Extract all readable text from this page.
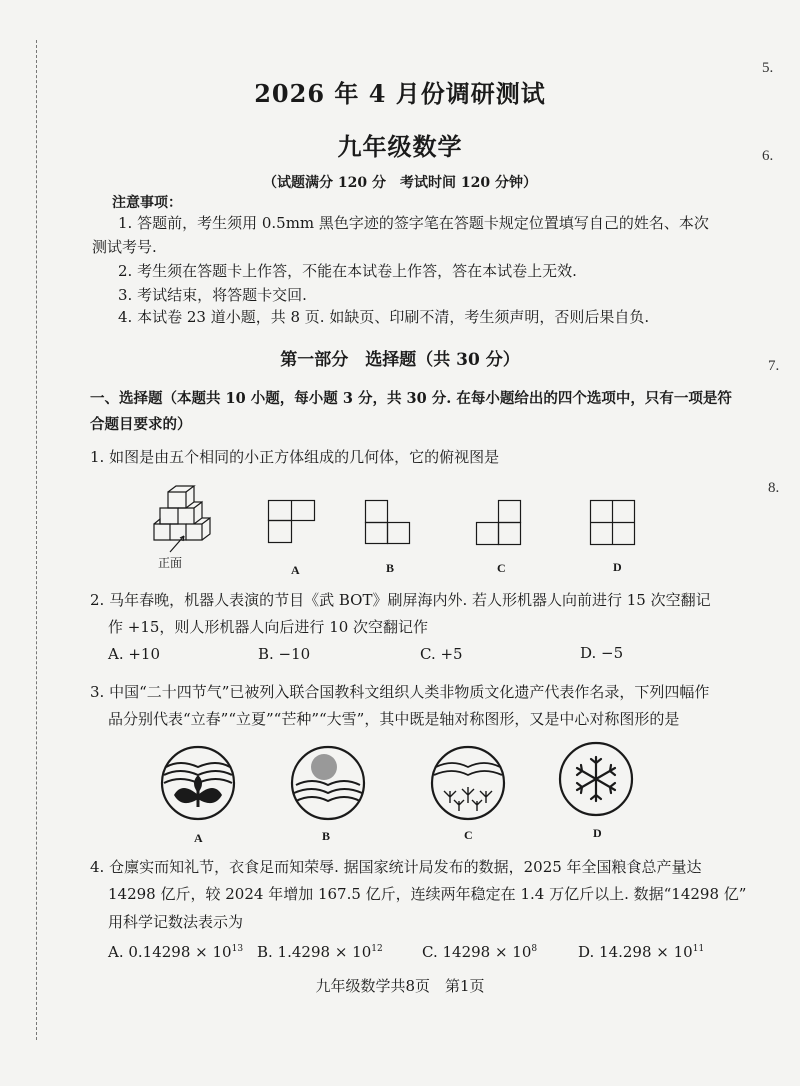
5.
6.
7.
8.
2026 年 4 月份调研测试
九年级数学
（试题满分 120 分　考试时间 120 分钟）
注意事项：
1. 答题前，考生须用 0.5mm 黑色字迹的签字笔在答题卡规定位置填写自己的姓名、本次
测试考号.
2. 考生须在答题卡上作答，不能在本试卷上作答，答在本试卷上无效.
3. 考试结束，将答题卡交回.
4. 本试卷 23 道小题，共 8 页. 如缺页、印刷不清，考生须声明，否则后果自负.
第一部分　选择题（共 30 分）
一、选择题（本题共 10 小题，每小题 3 分，共 30 分. 在每小题给出的四个选项中，只有一项是符
合题目要求的）
1. 如图是由五个相同的小正方体组成的几何体，它的俯视图是
正面	A	B	C	D
2. 马年春晚，机器人表演的节目《武 BOT》刷屏海内外. 若人形机器人向前进行 15 次空翻记
作 +15，则人形机器人向后进行 10 次空翻记作
A. +10	B. −10	C. +5	D. −5
3. 中国“二十四节气”已被列入联合国教科文组织人类非物质文化遗产代表作名录，下列四幅作
品分别代表“立春”“立夏”“芒种”“大雪”，其中既是轴对称图形，又是中心对称图形的是
A	B	C	D
4. 仓廪实而知礼节，衣食足而知荣辱. 据国家统计局发布的数据，2025 年全国粮食总产量达
14298 亿斤，较 2024 年增加 167.5 亿斤，连续两年稳定在 1.4 万亿斤以上. 数据“14298 亿”
用科学记数法表示为
A. $0.14298 \times 10^{13}$ B. $1.4298 \times 10^{12}$	C. $14298 \times 10^8$	D. $14.298 \times 10^{11}$
九年级数学共8页　第1页
